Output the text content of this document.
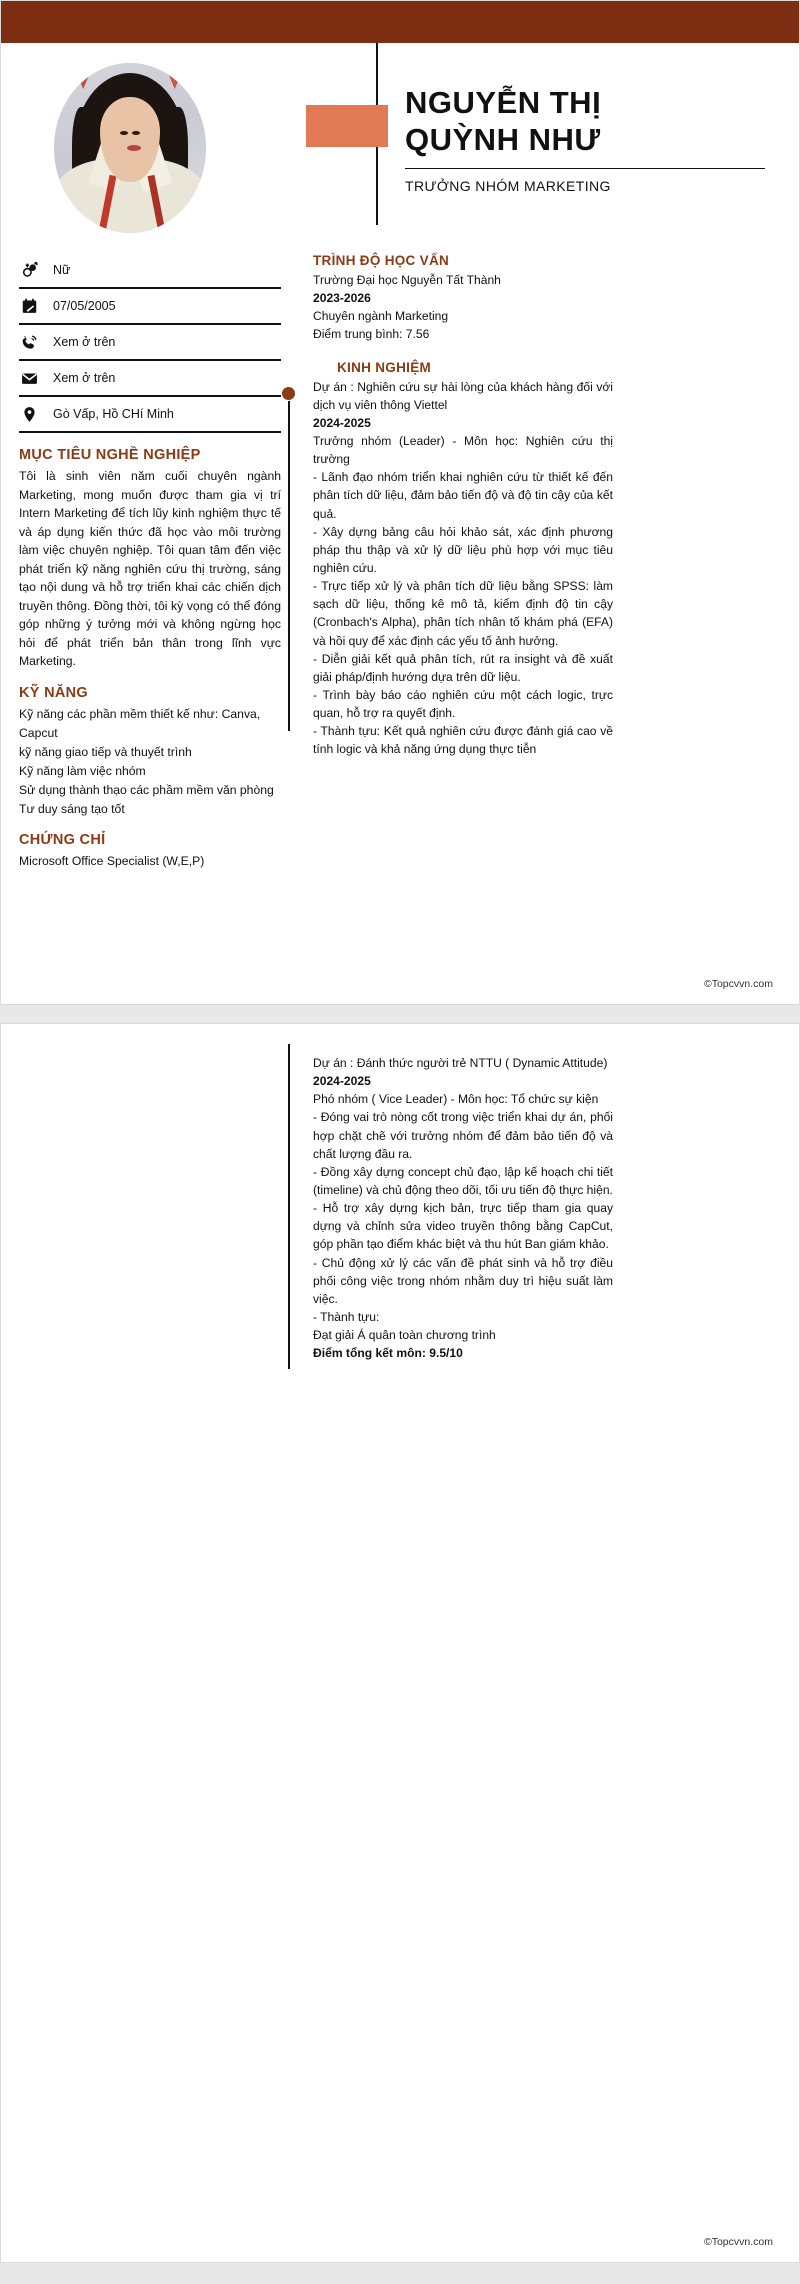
NGUYỄN THỊ
QUỲNH NHƯ
TRƯỞNG NHÓM MARKETING
Nữ
07/05/2005
Xem ở trên
Xem ở trên
Gò Vấp, Hồ CHí Minh
MỤC TIÊU NGHỀ NGHIỆP
Tôi là sinh viên năm cuối chuyên ngành Marketing, mong muốn được tham gia vị trí Intern Marketing để tích lũy kinh nghiệm thực tế và áp dụng kiến thức đã học vào môi trường làm việc chuyên nghiệp. Tôi quan tâm đến việc phát triển kỹ năng nghiên cứu thị trường, sáng tạo nội dung và hỗ trợ triển khai các chiến dịch truyền thông. Đồng thời, tôi kỳ vọng có thể đóng góp những ý tưởng mới và không ngừng học hỏi để phát triển bản thân trong lĩnh vực Marketing.
KỸ NĂNG
Kỹ năng các phần mềm thiết kế như: Canva, Capcut
kỹ năng giao tiếp và thuyết trình
Kỹ năng làm việc nhóm
Sử dụng thành thạo các phầm mềm văn phòng
Tư duy sáng tạo tốt
CHỨNG CHỈ
Microsoft Office Specialist (W,E,P)
TRÌNH ĐỘ HỌC VẤN
Trường Đại học Nguyễn Tất Thành
2023-2026
Chuyên ngành Marketing
Điểm trung bình: 7.56
KINH NGHIỆM
Dự án : Nghiên cứu sự hài lòng của khách hàng đối với dịch vụ viên thông Viettel
2024-2025
Trưởng nhóm (Leader) - Môn học: Nghiên cứu thị trường
- Lãnh đạo nhóm triển khai nghiên cứu từ thiết kế đến phân tích dữ liệu, đảm bảo tiến độ và độ tin cậy của kết quả.
- Xây dựng bảng câu hỏi khảo sát, xác định phương pháp thu thập và xử lý dữ liệu phù hợp với mục tiêu nghiên cứu.
- Trực tiếp xử lý và phân tích dữ liệu bằng SPSS: làm sạch dữ liệu, thống kê mô tả, kiểm định độ tin cậy (Cronbach's Alpha), phân tích nhân tố khám phá (EFA) và hồi quy để xác định các yếu tố ảnh hưởng.
- Diễn giải kết quả phân tích, rút ra insight và đề xuất giải pháp/định hướng dựa trên dữ liệu.
- Trình bày báo cáo nghiên cứu một cách logic, trực quan, hỗ trợ ra quyết định.
- Thành tựu: Kết quả nghiên cứu được đánh giá cao về tính logic và khả năng ứng dụng thực tiễn
©Topcvvn.com
Dự án : Đánh thức người trẻ NTTU ( Dynamic Attitude)
2024-2025
Phó nhóm ( Vice Leader) - Môn học: Tổ chức sự kiện
- Đóng vai trò nòng cốt trong việc triển khai dự án, phối hợp chặt chẽ với trưởng nhóm để đảm bảo tiến độ và chất lượng đầu ra.
- Đồng xây dựng concept chủ đạo, lập kế hoạch chi tiết (timeline) và chủ động theo dõi, tối ưu tiến độ thực hiện.
- Hỗ trợ xây dựng kịch bản, trực tiếp tham gia quay dựng và chỉnh sửa video truyền thông bằng CapCut, góp phần tạo điểm khác biệt và thu hút Ban giám khảo.
- Chủ động xử lý các vấn đề phát sinh và hỗ trợ điều phối công việc trong nhóm nhằm duy trì hiệu suất làm việc.
- Thành tựu:
Đạt giải Á quân toàn chương trình
Điểm tổng kết môn: 9.5/10
©Topcvvn.com
